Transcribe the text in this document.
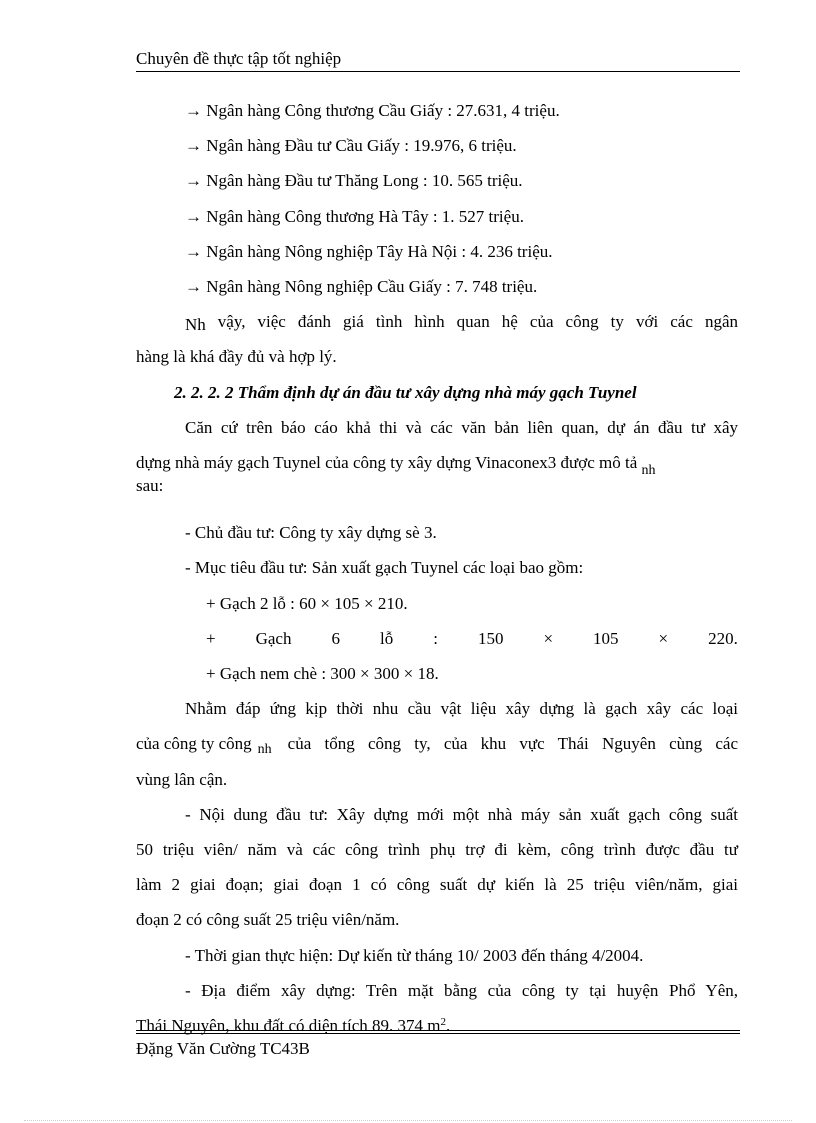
Chuyên đề thực tập tốt nghiệp
→ Ngân hàng Công thương Cầu Giấy : 27.631, 4 triệu.
→ Ngân hàng Đầu tư Cầu Giấy : 19.976, 6 triệu.
→ Ngân hàng Đầu tư Thăng Long : 10. 565 triệu.
→ Ngân hàng Công thương Hà Tây : 1. 527 triệu.
→ Ngân hàng Nông nghiệp Tây Hà Nội : 4. 236 triệu.
→ Ngân hàng Nông nghiệp Cầu Giấy : 7. 748 triệu.
Nh vậy, việc đánh giá tình hình quan hệ của công ty với các ngân
hàng là khá đầy đủ và hợp lý.
2. 2. 2. 2 Thẩm định dự án đầu tư xây dựng nhà máy gạch Tuynel
Căn cứ trên báo cáo khả thi và các văn bản liên quan, dự án đầu tư xây
dựng nhà máy gạch Tuynel của công ty xây dựng Vinaconex3 được mô tả $_{nh}$
sau:
- Chủ đầu tư: Công ty xây dựng sè 3.
- Mục tiêu đầu tư: Sản xuất gạch Tuynel các loại bao gồm:
+ Gạch 2 lỗ : 60 × 105 × 210.
+ Gạch 6 lỗ : 150 × 105 × 220.
+ Gạch nem chè : 300 × 300 × 18.
Nhằm đáp ứng kịp thời nhu cầu vật liệu xây dựng là gạch xây các loại
của công ty công nh của tổng công ty, của khu vực Thái Nguyên cùng các
vùng lân cận.
- Nội dung đầu tư: Xây dựng mới một nhà máy sản xuất gạch công suất
50 triệu viên/ năm và các công trình phụ trợ đi kèm, công trình được đầu tư
làm 2 giai đoạn; giai đoạn 1 có công suất dự kiến là 25 triệu viên/năm, giai
đoạn 2 có công suất 25 triệu viên/năm.
- Thời gian thực hiện: Dự kiến từ tháng 10/ 2003 đến tháng 4/2004.
- Địa điểm xây dựng: Trên mặt bằng của công ty tại huyện Phổ Yên,
Thái Nguyên, khu đất có diện tích 89. 374 $m^2$.
Đặng Văn Cường TC43B
